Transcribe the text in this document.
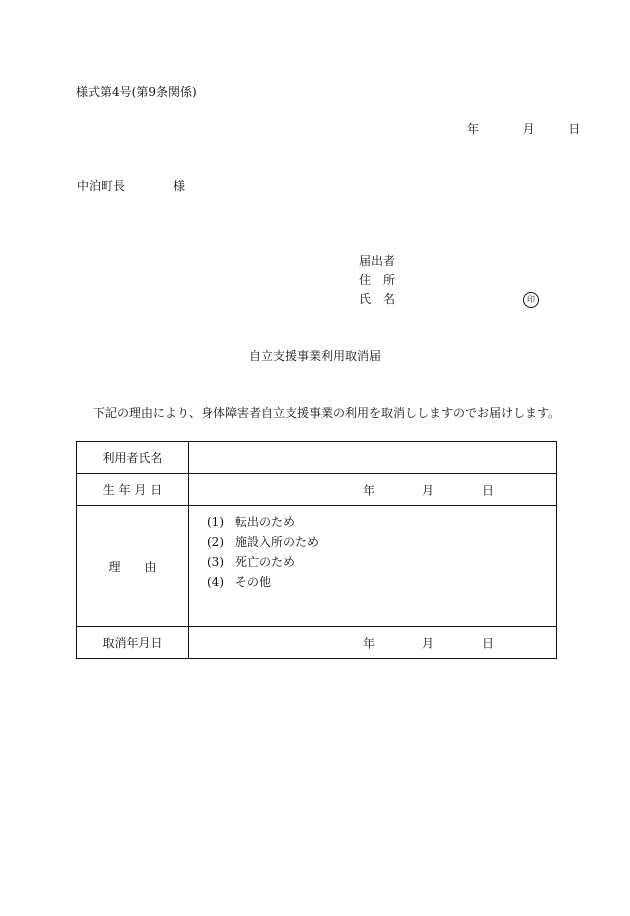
様式第4号(第9条関係)
年	月	日
中泊町長	様
届出者
住　所
氏　名	印
自立支援事業利用取消届
下記の理由により、身体障害者自立支援事業の利用を取消ししますのでお届けします。
利用者氏名	
生 年 月 日	年 月 日

理　　由	(1) 転出のため
(2) 施設入所のため
(3) 死亡のため
(4) その他

取消年月日	年 月 日
